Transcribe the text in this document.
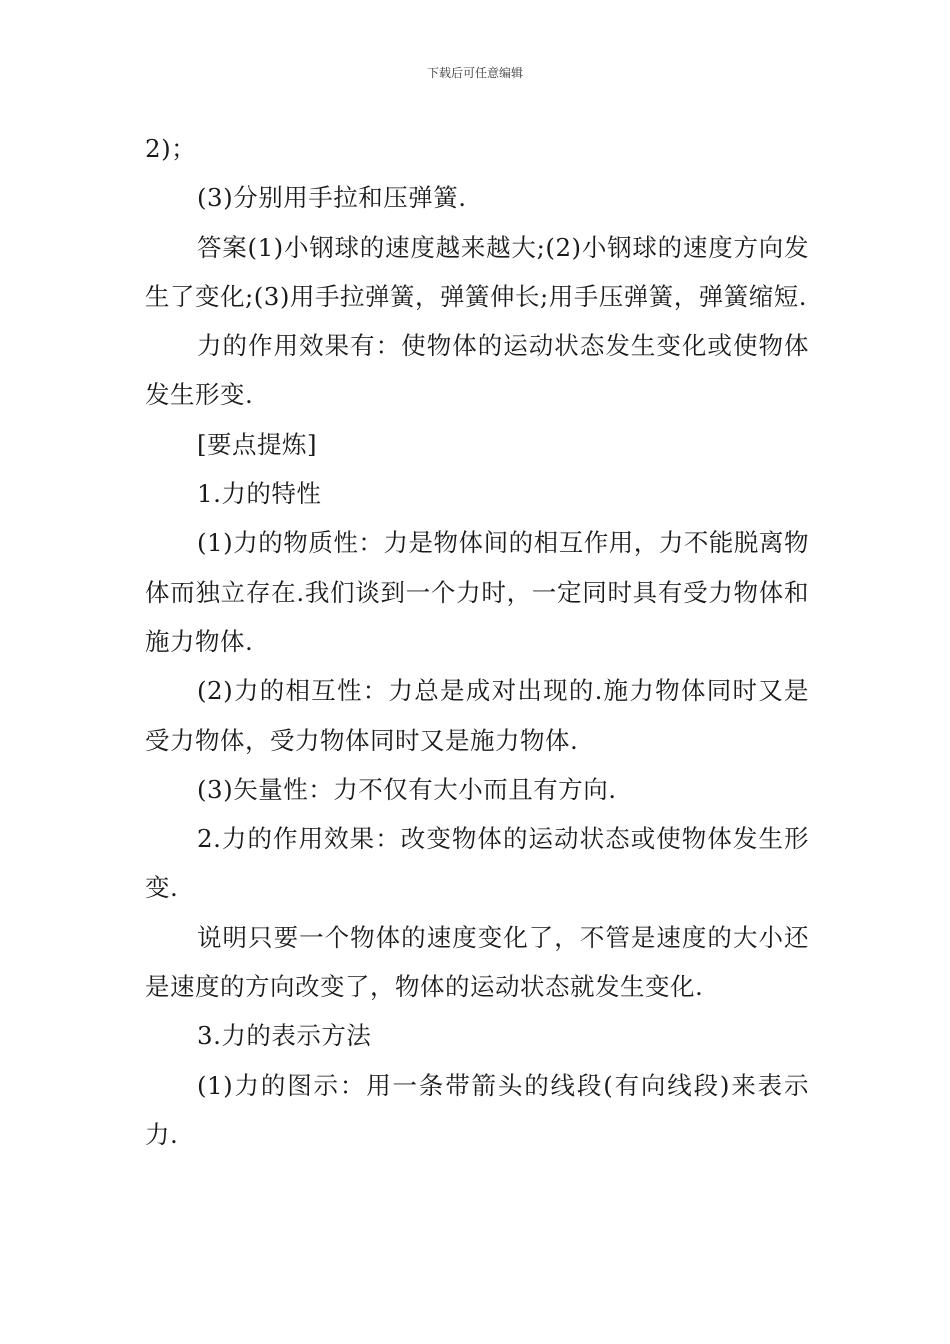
下载后可任意编辑

2)；

(3)分别用手拉和压弹簧.

答案(1)小钢球的速度越来越大;(2)小钢球的速度方向发生了变化;(3)用手拉弹簧，弹簧伸长;用手压弹簧，弹簧缩短.

力的作用效果有：使物体的运动状态发生变化或使物体发生形变.

[要点提炼]

1.力的特性

(1)力的物质性：力是物体间的相互作用，力不能脱离物体而独立存在.我们谈到一个力时，一定同时具有受力物体和施力物体.

(2)力的相互性：力总是成对出现的.施力物体同时又是受力物体，受力物体同时又是施力物体.

(3)矢量性：力不仅有大小而且有方向.

2.力的作用效果：改变物体的运动状态或使物体发生形变.

说明只要一个物体的速度变化了，不管是速度的大小还是速度的方向改变了，物体的运动状态就发生变化.

3.力的表示方法

(1)力的图示：用一条带箭头的线段(有向线段)来表示力.
